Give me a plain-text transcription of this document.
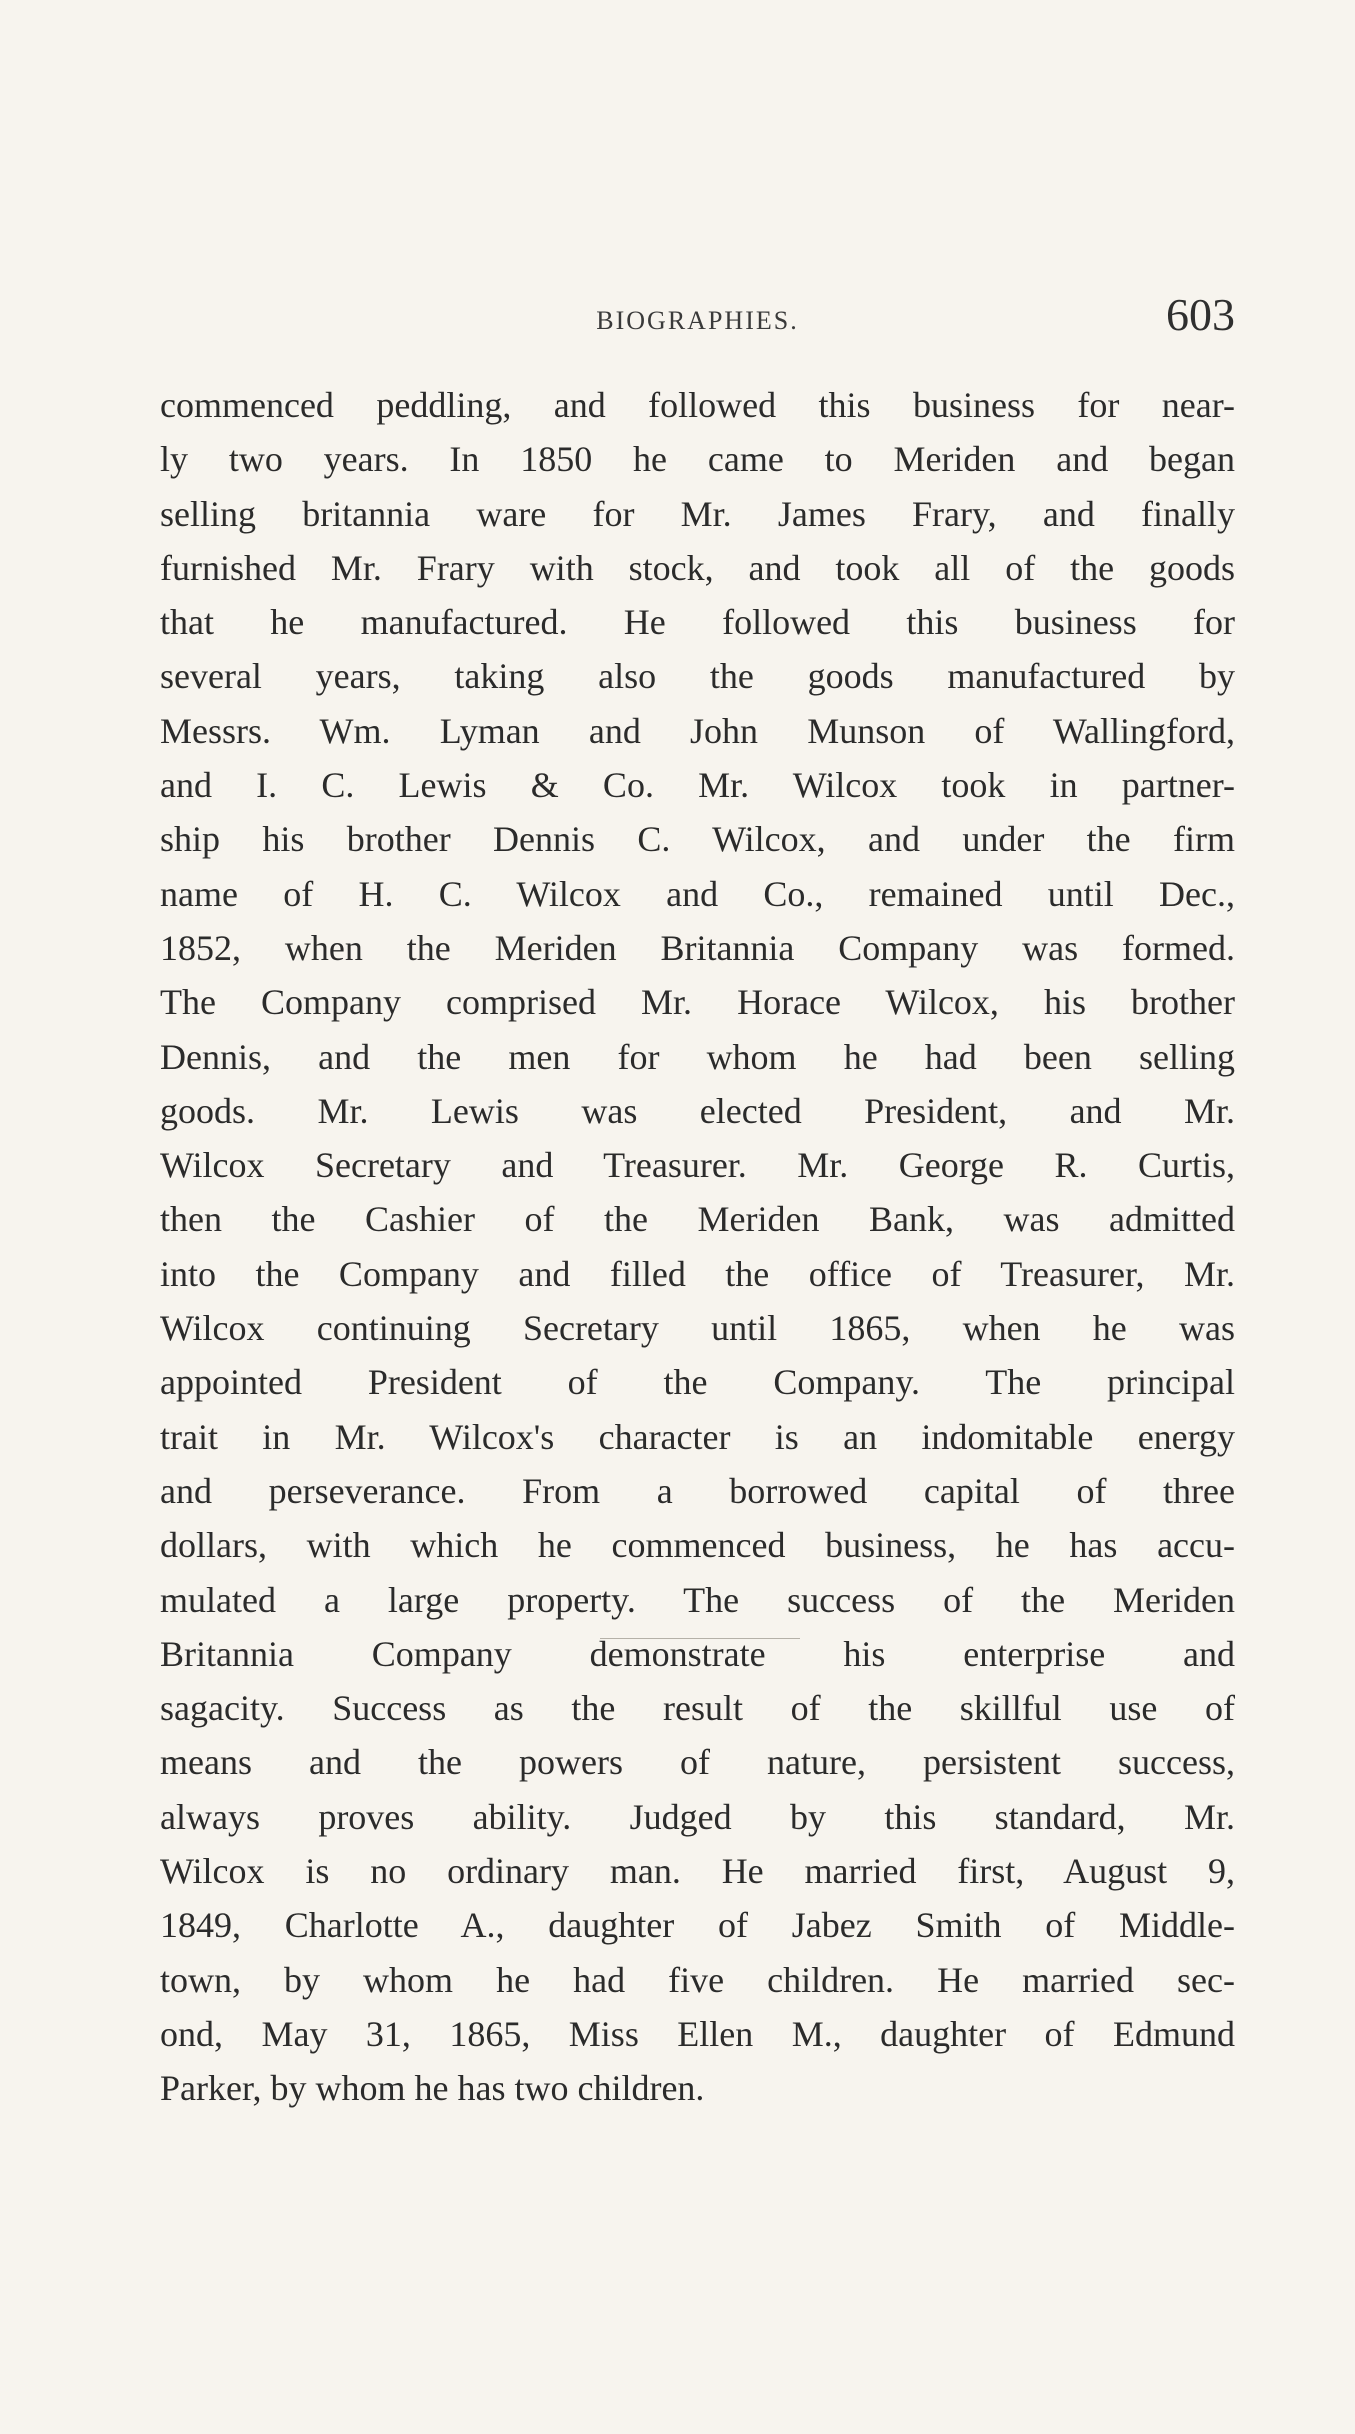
BIOGRAPHIES.	603
commenced peddling, and followed this business for near-
ly two years. In 1850 he came to Meriden and began
selling britannia ware for Mr. James Frary, and finally
furnished Mr. Frary with stock, and took all of the goods
that he manufactured. He followed this business for
several years, taking also the goods manufactured by
Messrs. Wm. Lyman and John Munson of Wallingford,
and I. C. Lewis & Co. Mr. Wilcox took in partner-
ship his brother Dennis C. Wilcox, and under the firm
name of H. C. Wilcox and Co., remained until Dec.,
1852, when the Meriden Britannia Company was formed.
The Company comprised Mr. Horace Wilcox, his brother
Dennis, and the men for whom he had been selling
goods. Mr. Lewis was elected President, and Mr.
Wilcox Secretary and Treasurer. Mr. George R. Curtis,
then the Cashier of the Meriden Bank, was admitted
into the Company and filled the office of Treasurer, Mr.
Wilcox continuing Secretary until 1865, when he was
appointed President of the Company. The principal
trait in Mr. Wilcox's character is an indomitable energy
and perseverance. From a borrowed capital of three
dollars, with which he commenced business, he has accu-
mulated a large property. The success of the Meriden
Britannia Company demonstrate his enterprise and
sagacity. Success as the result of the skillful use of
means and the powers of nature, persistent success,
always proves ability. Judged by this standard, Mr.
Wilcox is no ordinary man. He married first, August 9,
1849, Charlotte A., daughter of Jabez Smith of Middle-
town, by whom he had five children. He married sec-
ond, May 31, 1865, Miss Ellen M., daughter of Edmund
Parker, by whom he has two children.
